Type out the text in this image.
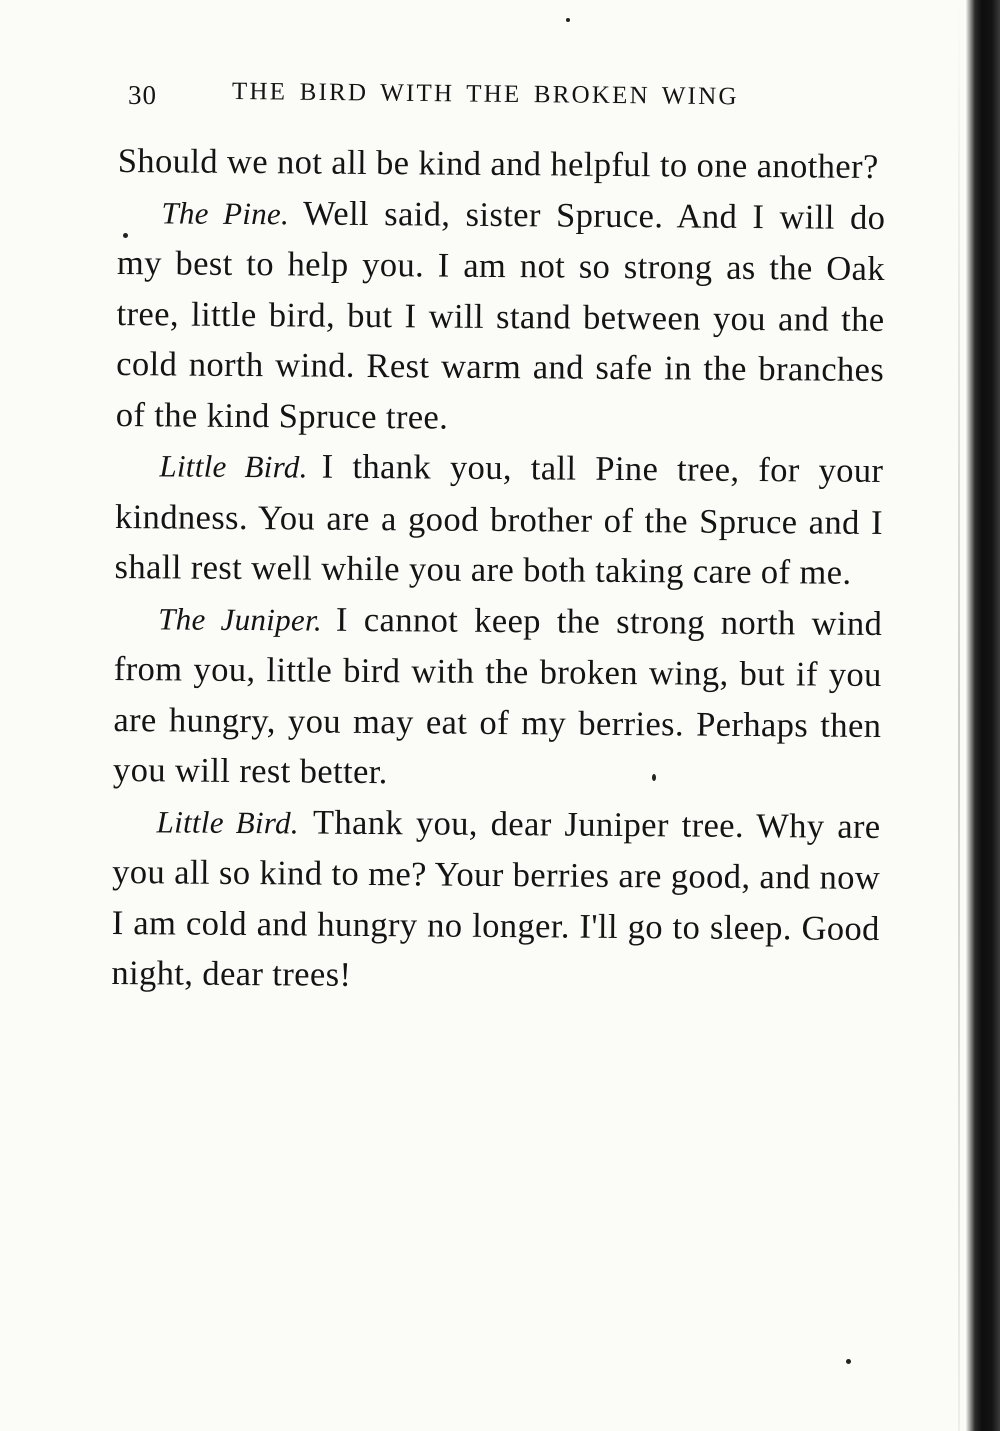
30	THE BIRD WITH THE BROKEN WING

Should we not all be kind and helpful to one another?

The Pine. Well said, sister Spruce. And I will do my best to help you. I am not so strong as the Oak tree, little bird, but I will stand between you and the cold north wind. Rest warm and safe in the branches of the kind Spruce tree.

Little Bird. I thank you, tall Pine tree, for your kindness. You are a good brother of the Spruce and I shall rest well while you are both taking care of me.

The Juniper. I cannot keep the strong north wind from you, little bird with the broken wing, but if you are hungry, you may eat of my berries. Perhaps then you will rest better.

Little Bird. Thank you, dear Juniper tree. Why are you all so kind to me? Your berries are good, and now I am cold and hungry no longer. I'll go to sleep. Good night, dear trees!
